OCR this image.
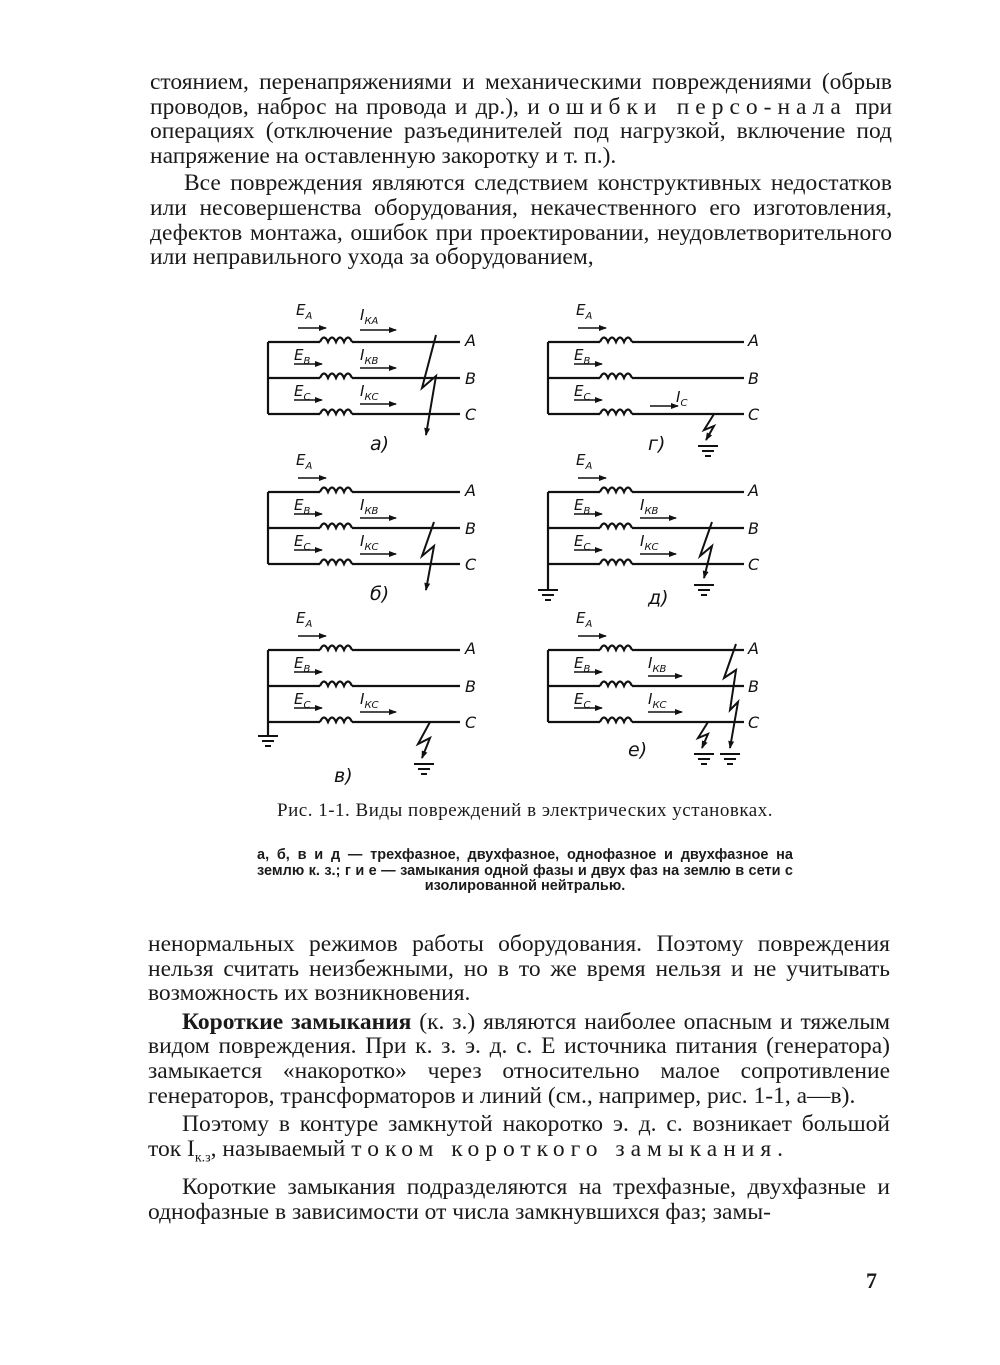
стоянием, перенапряжениями и механическими повреждениями (обрыв проводов, наброс на провода и др.), и ошибки персо-нала при операциях (отключение разъединителей под нагрузкой, включение под напряжение на оставленную закоротку и т. п.).

Все повреждения являются следствием конструктивных недостатков или несовершенства оборудования, некачественного его изготовления, дефектов монтажа, ошибок при проектировании, неудовлетворительного или неправильного ухода за оборудованием,

$E_A$
$E_B$
$E_C$
$I_{КА}$
$I_{КВ}$
$I_{КС}$
A
B
C
а)
$E_A$
$E_B$
$E_C$	$I_С$
A
B
C
г)
$E_A$
$E_B$
$E_C$
$I_{КВ}$
$I_{КС}$
A
B
C
б)
$E_A$
$E_B$
$E_C$
$I_{КВ}$
$I_{КС}$
A
B
C
д)
$E_A$
$E_B$
$E_C$	$I_{КС}$
A
B
C
в)
$E_A$
$E_B$
$E_C$
$I_{КВ}$
$I_{КС}$
A
B
C
е)
Рис. 1-1. Виды повреждений в электрических установках.
а, б, в и д — трехфазное, двухфазное, однофазное и двухфазное на землю к. з.; г и е — замыкания одной фазы и двух фаз на землю в сети с изолированной нейтралью.

ненормальных режимов работы оборудования. Поэтому повреждения нельзя считать неизбежными, но в то же время нельзя и не учитывать возможность их возникновения.

Короткие замыкания (к. з.) являются наиболее опасным и тяжелым видом повреждения. При к. з. э. д. с. E источника питания (генератора) замыкается «накоротко» через относительно малое сопротивление генераторов, трансформаторов и линий (см., например, рис. 1-1, а—в).

Поэтому в контуре замкнутой накоротко э. д. с. возникает большой ток $I_{к.з}$, называемый током короткого замыкания.

Короткие замыкания подразделяются на трехфазные, двухфазные и однофазные в зависимости от числа замкнувшихся фаз; замы-

7
